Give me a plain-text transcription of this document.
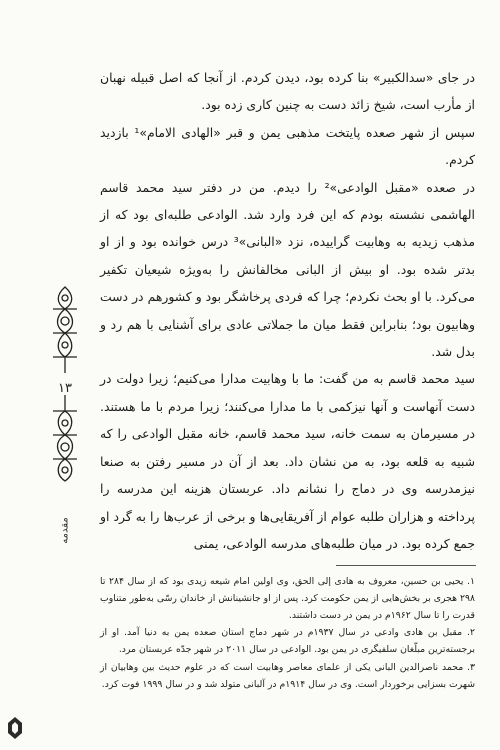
در جای «سدالکبیر» بنا کرده بود، دیدن کردم. از آنجا که اصل قبیله نهبان از مأرب است، شیخ زائد دست به چنین کاری زده بود.

سپس از شهر صعده پایتخت مذهبی یمن و قبر «الهادی الامام»¹ بازدید کردم.

در صعده «مقبل الوادعی»² را دیدم. من در دفتر سید محمد قاسم الهاشمی نشسته بودم که این فرد وارد شد. الوادعی طلبه‌ای بود که از مذهب زیدیه به وهابیت گراییده، نزد «البانی»³ درس خوانده بود و از او بدتر شده بود. او بیش از البانی مخالفانش را به‌ویژه شیعیان تکفیر می‌کرد. با او بحث نکردم؛ چرا که فردی پرخاشگر بود و کشورهم در دست وهابیون بود؛ بنابراین فقط میان ما جملاتی عادی برای آشنایی با هم رد و بدل شد.

سید محمد قاسم به من گفت: ما با وهابیت مدارا می‌کنیم؛ زیرا دولت در دست آنهاست و آنها نیزکمی با ما مدارا می‌کنند؛ زیرا مردم با ما هستند. در مسیرمان به سمت خانه، سید محمد قاسم، خانه مقبل الوادعی را که شبیه به قلعه بود، به من نشان داد. بعد از آن در مسیر رفتن به صنعا نیزمدرسه وی در دماج را نشانم داد. عربستان هزینه این مدرسه را پرداخته و هزاران طلبه عوام از آفریقایی‌ها و برخی از عرب‌ها را به گرد او جمع کرده بود. در میان طلبه‌های مدرسه الوادعی، یمنی

۱۳
مقدمه

۱. یحیی بن حسین، معروف به هادی إلی الحق، وی اولین امام شیعه زیدی بود که از سال ۲۸۴ تا ۲۹۸ هجری بر بخش‌هایی از یمن حکومت کرد. پس از او جانشینانش از خاندان رسّی به‌طور متناوب قدرت را تا سال ۱۹۶۲م در یمن در دست داشتند.

۲. مقبل بن هادی وادعی در سال ۱۹۳۷م در شهر دماج استان صعده یمن به دنیا آمد. او از برجسته‌ترین مبلّغان سلفیگری در یمن بود. الوادعی در سال ۲۰۱۱ در شهر جدّه عربستان مرد.

۳. محمد ناصرالدین البانی یکی از علمای معاصر وهابیت است که در علوم حدیث بین وهابیان از شهرت بسزایی برخوردار است. وی در سال ۱۹۱۴م در آلبانی متولد شد و در سال ۱۹۹۹ فوت کرد.
